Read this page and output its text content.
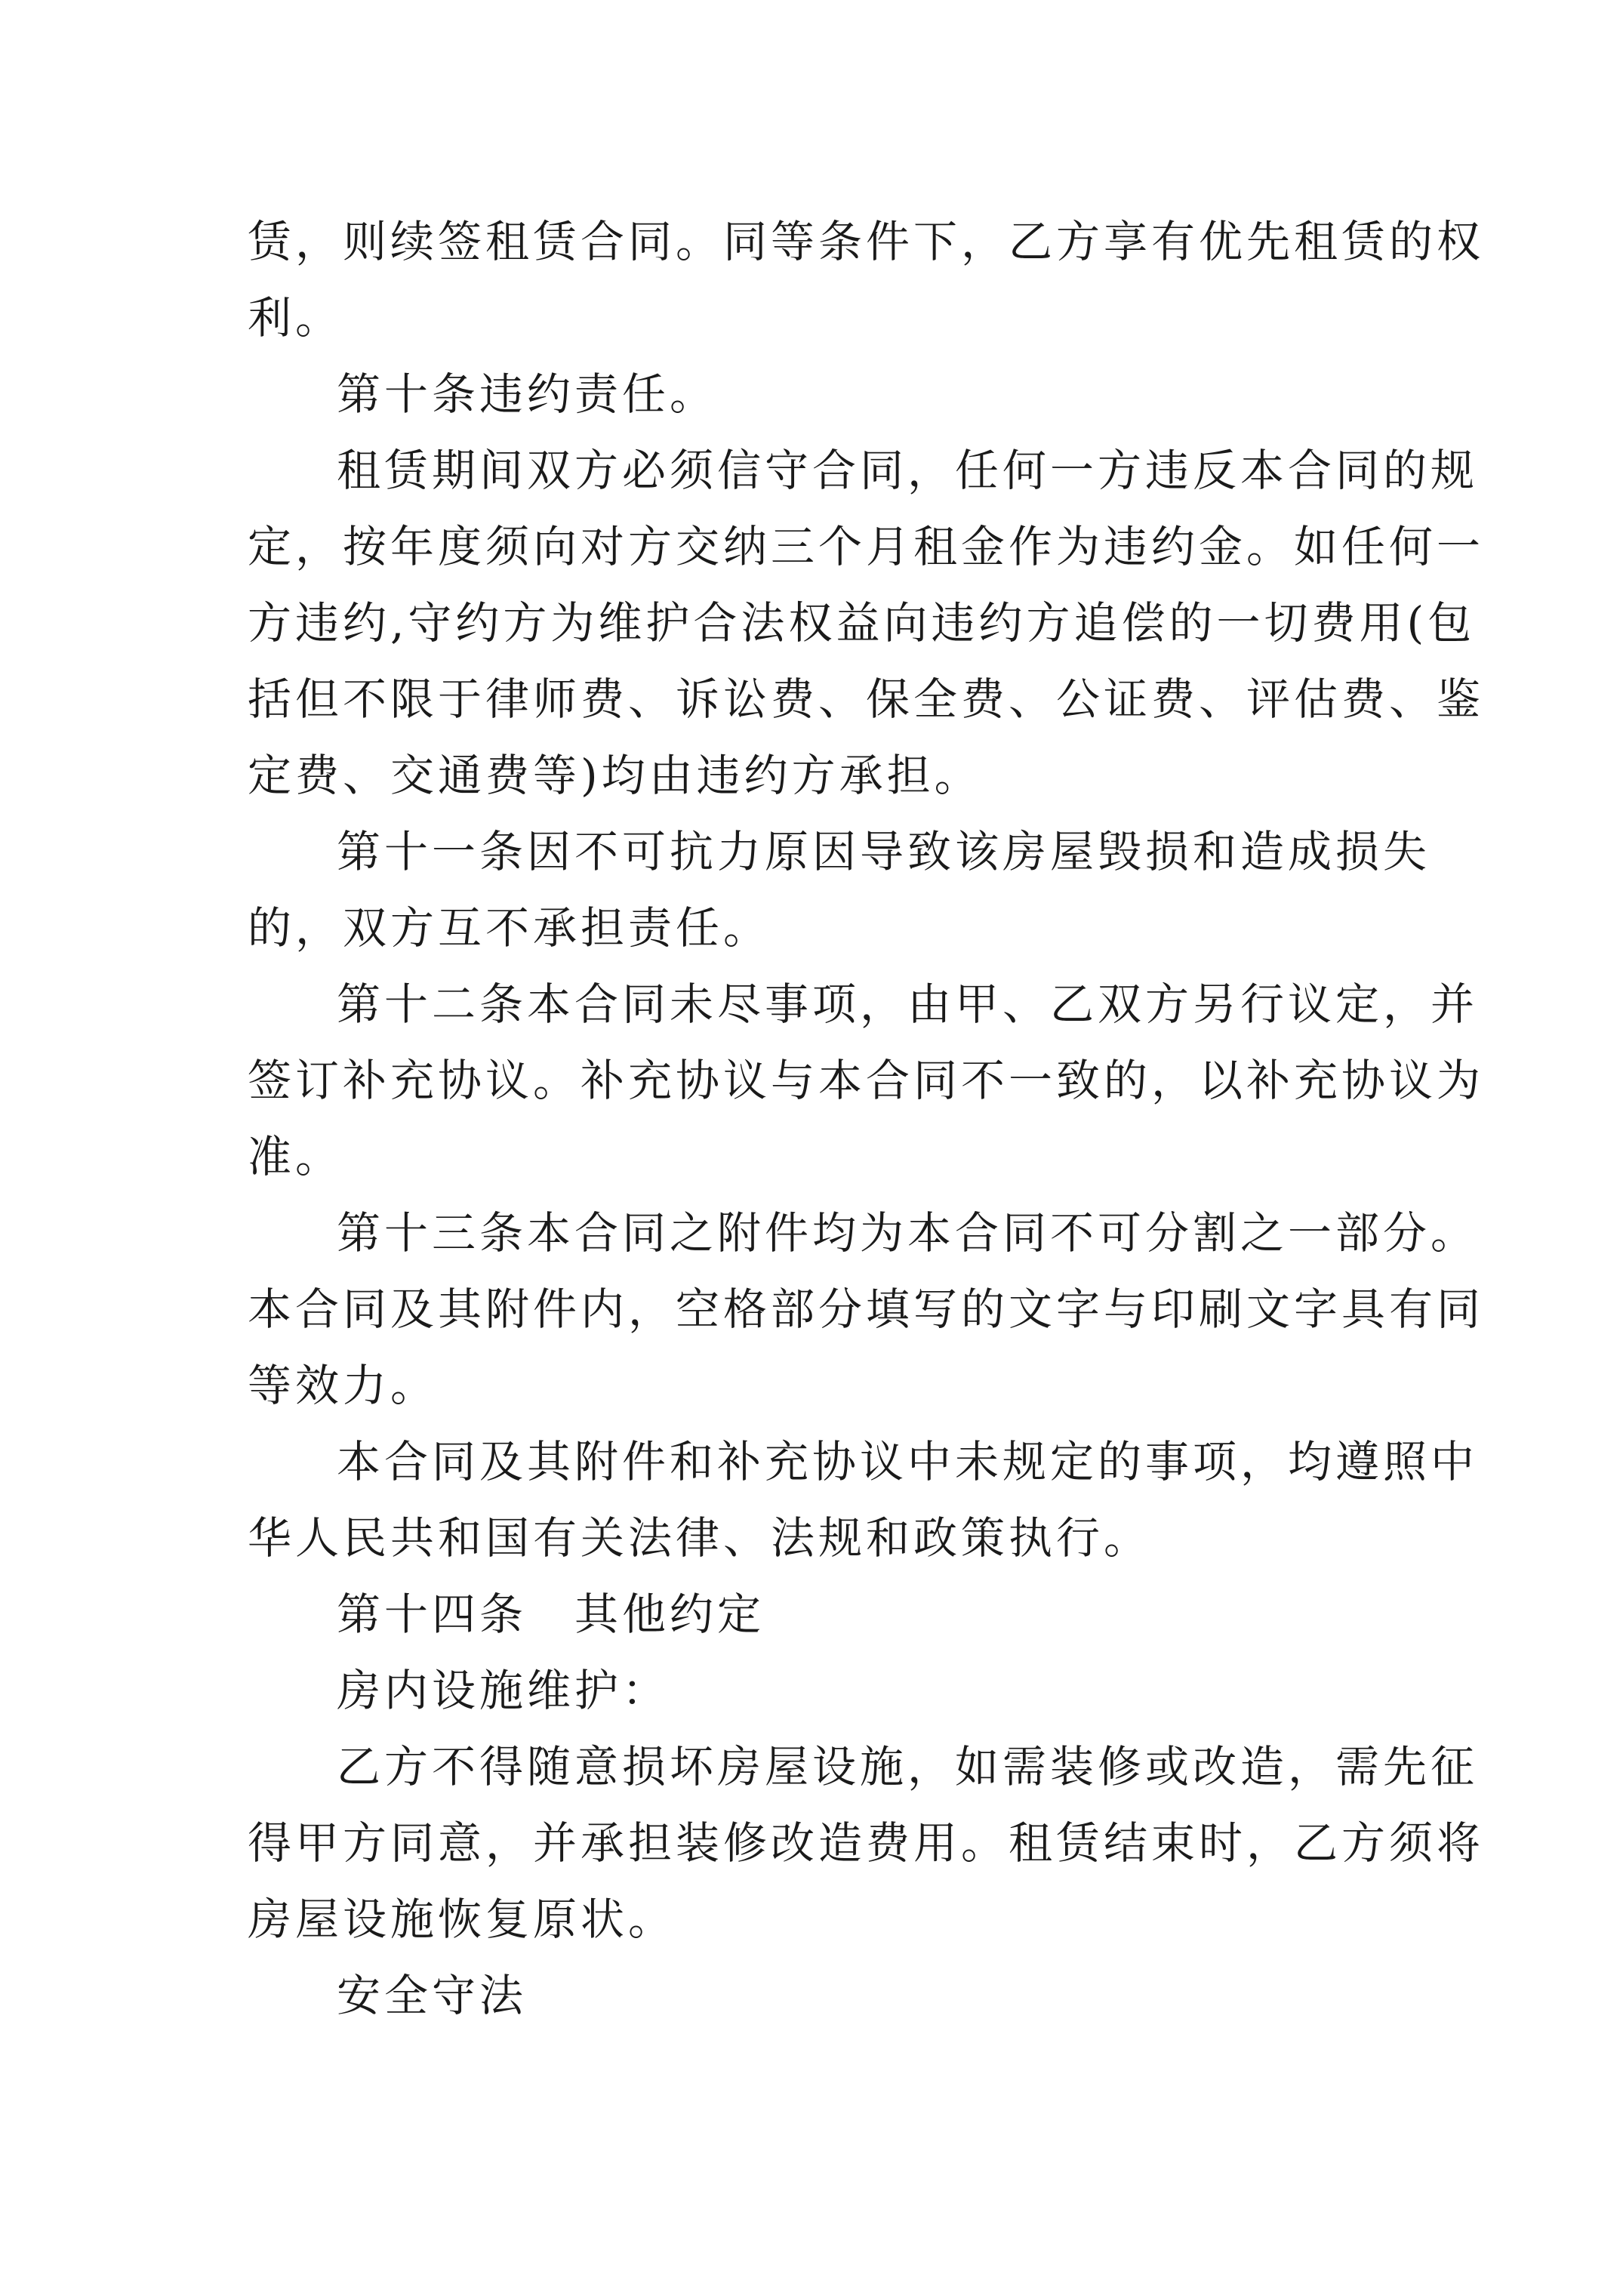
赁，则续签租赁合同。同等条件下，乙方享有优先租赁的权
利。
第十条违约责任。
租赁期间双方必须信守合同，任何一方违反本合同的规
定，按年度须向对方交纳三个月租金作为违约金。如任何一
方违约,守约方为维护合法权益向违约方追偿的一切费用(包
括但不限于律师费、诉讼费、保全费、公证费、评估费、鉴
定费、交通费等)均由违约方承担。
第十一条因不可抗力原因导致该房屋毁损和造成损失
的，双方互不承担责任。
第十二条本合同未尽事项，由甲、乙双方另行议定，并
签订补充协议。补充协议与本合同不一致的，以补充协议为
准。
第十三条本合同之附件均为本合同不可分割之一部分。
本合同及其附件内，空格部分填写的文字与印刷文字具有同
等效力。
本合同及其附件和补充协议中未规定的事项，均遵照中
华人民共和国有关法律、法规和政策执行。
第十四条　其他约定
房内设施维护：
乙方不得随意损坏房屋设施，如需装修或改造，需先征
得甲方同意，并承担装修改造费用。租赁结束时，乙方须将
房屋设施恢复原状。
安全守法
